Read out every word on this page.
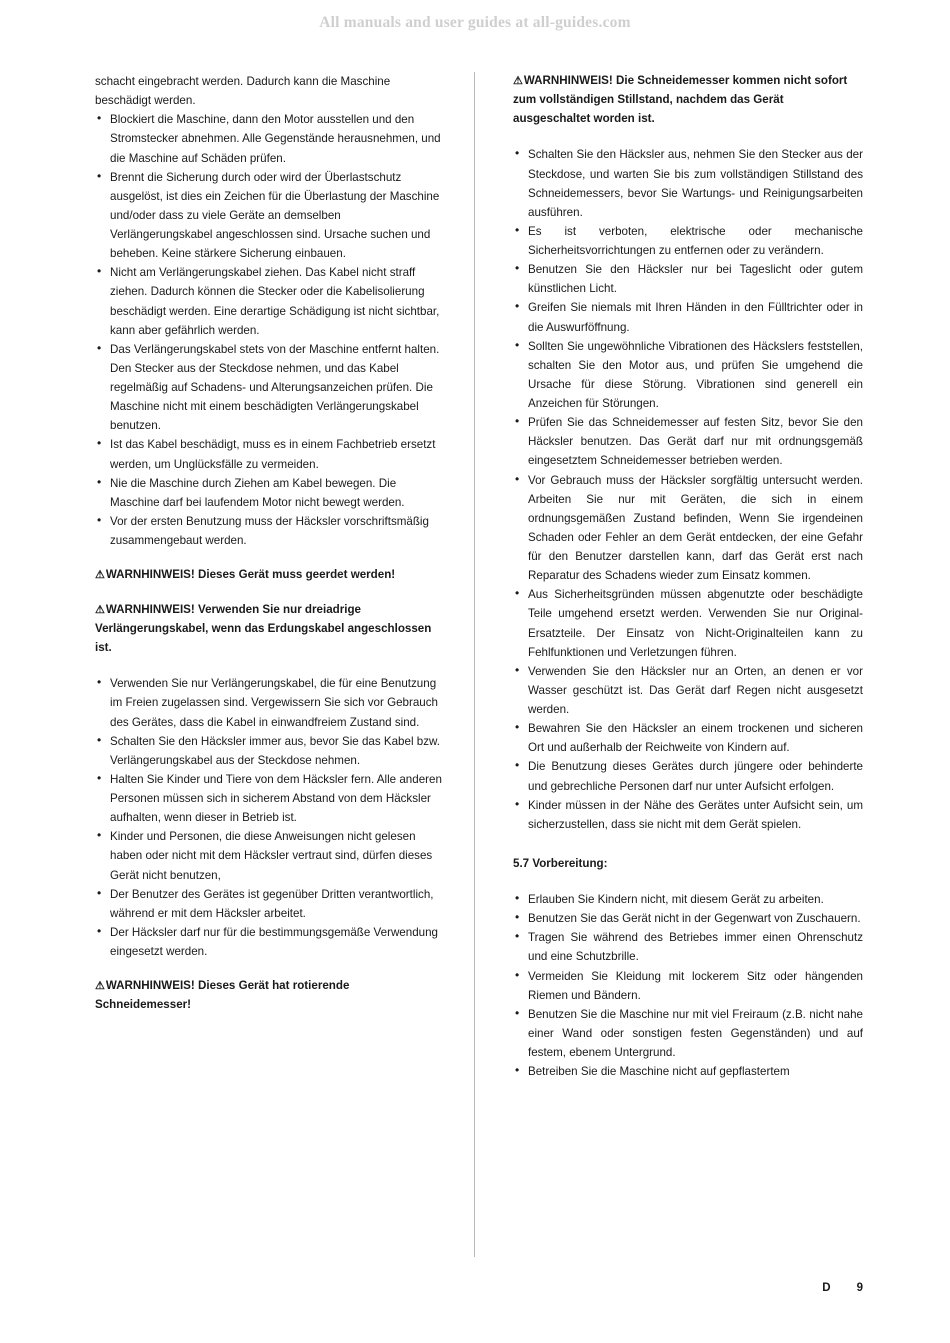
All manuals and user guides at all-guides.com

schacht eingebracht werden. Dadurch kann die Maschine beschädigt werden.

• Blockiert die Maschine, dann den Motor ausstellen und den Stromstecker abnehmen. Alle Gegenstände herausnehmen, und die Maschine auf Schäden prüfen.
• Brennt die Sicherung durch oder wird der Überlastschutz ausgelöst, ist dies ein Zeichen für die Überlastung der Maschine und/oder dass zu viele Geräte an demselben Verlängerungskabel angeschlossen sind. Ursache suchen und beheben. Keine stärkere Sicherung einbauen.
• Nicht am Verlängerungskabel ziehen. Das Kabel nicht straff ziehen. Dadurch können die Stecker oder die Kabelisolierung beschädigt werden. Eine derartige Schädigung ist nicht sichtbar, kann aber gefährlich werden.
• Das Verlängerungskabel stets von der Maschine entfernt halten. Den Stecker aus der Steckdose nehmen, und das Kabel regelmäßig auf Schadens- und Alterungsanzeichen prüfen. Die Maschine nicht mit einem beschädigten Verlängerungskabel benutzen.
• Ist das Kabel beschädigt, muss es in einem Fachbetrieb ersetzt werden, um Unglücksfälle zu vermeiden.
• Nie die Maschine durch Ziehen am Kabel bewegen. Die Maschine darf bei laufendem Motor nicht bewegt werden.
• Vor der ersten Benutzung muss der Häcksler vorschriftsmäßig zusammengebaut werden.

⚠WARNHINWEIS! Dieses Gerät muss geerdet werden!

⚠WARNHINWEIS! Verwenden Sie nur dreiadrige Verlängerungskabel, wenn das Erdungskabel angeschlossen ist.

• Verwenden Sie nur Verlängerungskabel, die für eine Benutzung im Freien zugelassen sind. Vergewissern Sie sich vor Gebrauch des Gerätes, dass die Kabel in einwandfreiem Zustand sind.
• Schalten Sie den Häcksler immer aus, bevor Sie das Kabel bzw. Verlängerungskabel aus der Steckdose nehmen.
• Halten Sie Kinder und Tiere von dem Häcksler fern. Alle anderen Personen müssen sich in sicherem Abstand von dem Häcksler aufhalten, wenn dieser in Betrieb ist.
• Kinder und Personen, die diese Anweisungen nicht gelesen haben oder nicht mit dem Häcksler vertraut sind, dürfen dieses Gerät nicht benutzen,
• Der Benutzer des Gerätes ist gegenüber Dritten verantwortlich, während er mit dem Häcksler arbeitet.
• Der Häcksler darf nur für die bestimmungsgemäße Verwendung eingesetzt werden.

⚠WARNHINWEIS! Dieses Gerät hat rotierende Schneidemesser!

⚠WARNHINWEIS! Die Schneidemesser kommen nicht sofort zum vollständigen Stillstand, nachdem das Gerät ausgeschaltet worden ist.

• Schalten Sie den Häcksler aus, nehmen Sie den Stecker aus der Steckdose, und warten Sie bis zum vollständigen Stillstand des Schneidemessers, bevor Sie Wartungs- und Reinigungsarbeiten ausführen.
• Es ist verboten, elektrische oder mechanische Sicherheitsvorrichtungen zu entfernen oder zu verändern.
• Benutzen Sie den Häcksler nur bei Tageslicht oder gutem künstlichen Licht.
• Greifen Sie niemals mit Ihren Händen in den Fülltrichter oder in die Auswurföffnung.
• Sollten Sie ungewöhnliche Vibrationen des Häckslers feststellen, schalten Sie den Motor aus, und prüfen Sie umgehend die Ursache für diese Störung. Vibrationen sind generell ein Anzeichen für Störungen.
• Prüfen Sie das Schneidemesser auf festen Sitz, bevor Sie den Häcksler benutzen. Das Gerät darf nur mit ordnungsgemäß eingesetztem Schneidemesser betrieben werden.
• Vor Gebrauch muss der Häcksler sorgfältig untersucht werden. Arbeiten Sie nur mit Geräten, die sich in einem ordnungsgemäßen Zustand befinden, Wenn Sie irgendeinen Schaden oder Fehler an dem Gerät entdecken, der eine Gefahr für den Benutzer darstellen kann, darf das Gerät erst nach Reparatur des Schadens wieder zum Einsatz kommen.
• Aus Sicherheitsgründen müssen abgenutzte oder beschädigte Teile umgehend ersetzt werden. Verwenden Sie nur Original-Ersatzteile. Der Einsatz von Nicht-Originalteilen kann zu Fehlfunktionen und Verletzungen führen.
• Verwenden Sie den Häcksler nur an Orten, an denen er vor Wasser geschützt ist. Das Gerät darf Regen nicht ausgesetzt werden.
• Bewahren Sie den Häcksler an einem trockenen und sicheren Ort und außerhalb der Reichweite von Kindern auf.
• Die Benutzung dieses Gerätes durch jüngere oder behinderte und gebrechliche Personen darf nur unter Aufsicht erfolgen.
• Kinder müssen in der Nähe des Gerätes unter Aufsicht sein, um sicherzustellen, dass sie nicht mit dem Gerät spielen.

5.7 Vorbereitung:

• Erlauben Sie Kindern nicht, mit diesem Gerät zu arbeiten.
• Benutzen Sie das Gerät nicht in der Gegenwart von Zuschauern.
• Tragen Sie während des Betriebes immer einen Ohrenschutz und eine Schutzbrille.
• Vermeiden Sie Kleidung mit lockerem Sitz oder hängenden Riemen und Bändern.
• Benutzen Sie die Maschine nur mit viel Freiraum (z.B. nicht nahe einer Wand oder sonstigen festen Gegenständen) und auf festem, ebenem Untergrund.
• Betreiben Sie die Maschine nicht auf gepflastertem
D 9
